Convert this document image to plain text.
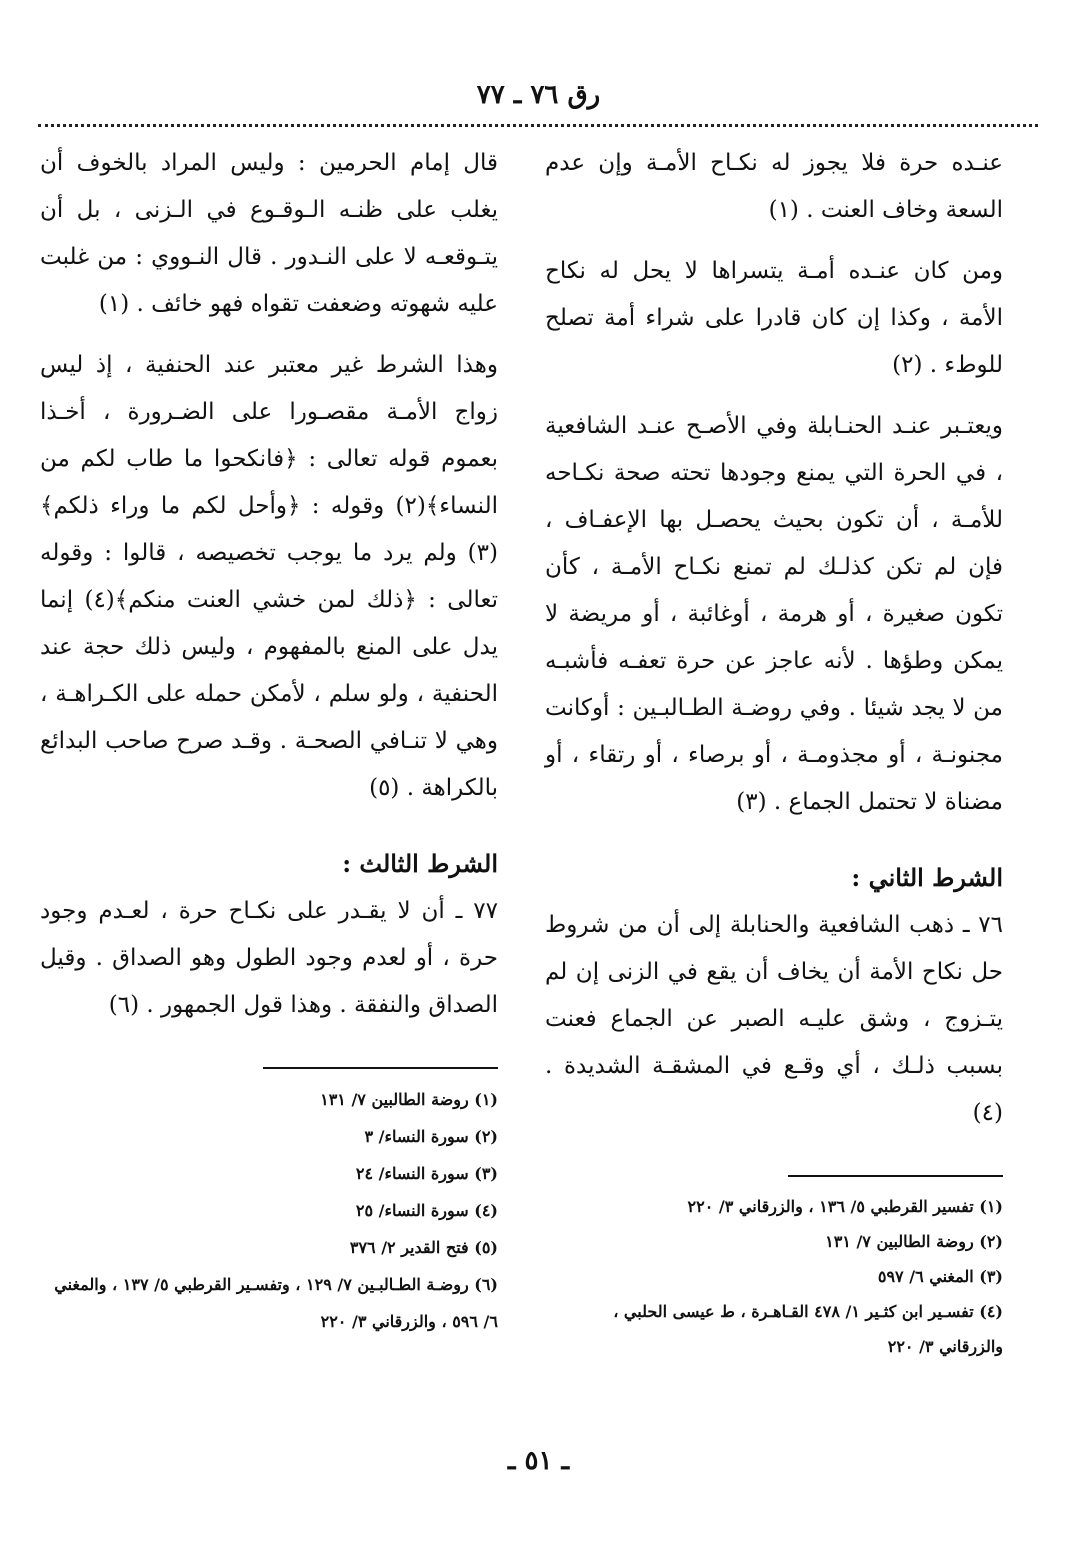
رق ٧٦ ـ ٧٧

عنـده حرة فلا يجوز له نكـاح الأمـة وإن عدم السعة وخاف العنت . (١)

ومن كان عنـده أمـة يتسراها لا يحل له نكاح الأمة ، وكذا إن كان قادرا على شراء أمة تصلح للوطء . (٢)

ويعتـبر عنـد الحنـابلة وفي الأصـح عنـد الشافعية ، في الحرة التي يمنع وجودها تحته صحة نكـاحه للأمـة ، أن تكون بحيث يحصـل بها الإعفـاف ، فإن لم تكن كذلـك لم تمنع نكـاح الأمـة ، كأن تكون صغيرة ، أو هرمة ، أوغائبة ، أو مريضة لا يمكن وطؤها . لأنه عاجز عن حرة تعفـه فأشبـه من لا يجد شيئا . وفي روضـة الطـالبـين : أوكانت مجنونـة ، أو مجذومـة ، أو برصاء ، أو رتقاء ، أو مضناة لا تحتمل الجماع . (٣)

الشرط الثاني :

٧٦ ـ ذهب الشافعية والحنابلة إلى أن من شروط حل نكاح الأمة أن يخاف أن يقع في الزنى إن لم يتـزوج ، وشق عليـه الصبر عن الجماع فعنت بسبب ذلـك ، أي وقـع في المشقـة الشديدة . (٤)

(١) تفسير القرطبي ٥/ ١٣٦ ، والزرقاني ٣/ ٢٢٠

(٢) روضة الطالبين ٧/ ١٣١

(٣) المغني ٦/ ٥٩٧

(٤) تفسـير ابن كثـير ١/ ٤٧٨ القـاهـرة ، ط عيسى الحلبي ، والزرقاني ٣/ ٢٢٠

قال إمام الحرمين : وليس المراد بالخوف أن يغلب على ظنـه الـوقـوع في الـزنى ، بل أن يتـوقعـه لا على النـدور . قال النـووي : من غلبت عليه شهوته وضعفت تقواه فهو خائف . (١)

وهذا الشرط غير معتبر عند الحنفية ، إذ ليس زواج الأمـة مقصـورا على الضـرورة ، أخـذا بعموم قوله تعالى : ﴿فانكحوا ما طاب لكم من النساء﴾(٢) وقوله : ﴿وأحل لكم ما وراء ذلكم﴾(٣) ولم يرد ما يوجب تخصيصه ، قالوا : وقوله تعالى : ﴿ذلك لمن خشي العنت منكم﴾(٤) إنما يدل على المنع بالمفهوم ، وليس ذلك حجة عند الحنفية ، ولو سلم ، لأمكن حمله على الكـراهـة ، وهي لا تنـافي الصحـة . وقـد صرح صاحب البدائع بالكراهة . (٥)

الشرط الثالث :

٧٧ ـ أن لا يقـدر على نكـاح حرة ، لعـدم وجود حرة ، أو لعدم وجود الطول وهو الصداق . وقيل الصداق والنفقة . وهذا قول الجمهور . (٦)

(١) روضة الطالبين ٧/ ١٣١

(٢) سورة النساء/ ٣

(٣) سورة النساء/ ٢٤

(٤) سورة النساء/ ٢٥

(٥) فتح القدير ٢/ ٣٧٦

(٦) روضـة الطـالبـين ٧/ ١٢٩ ، وتفسـير القرطبي ٥/ ١٣٧ ، والمغني ٦/ ٥٩٦ ، والزرقاني ٣/ ٢٢٠

ـ ٥١ ـ
